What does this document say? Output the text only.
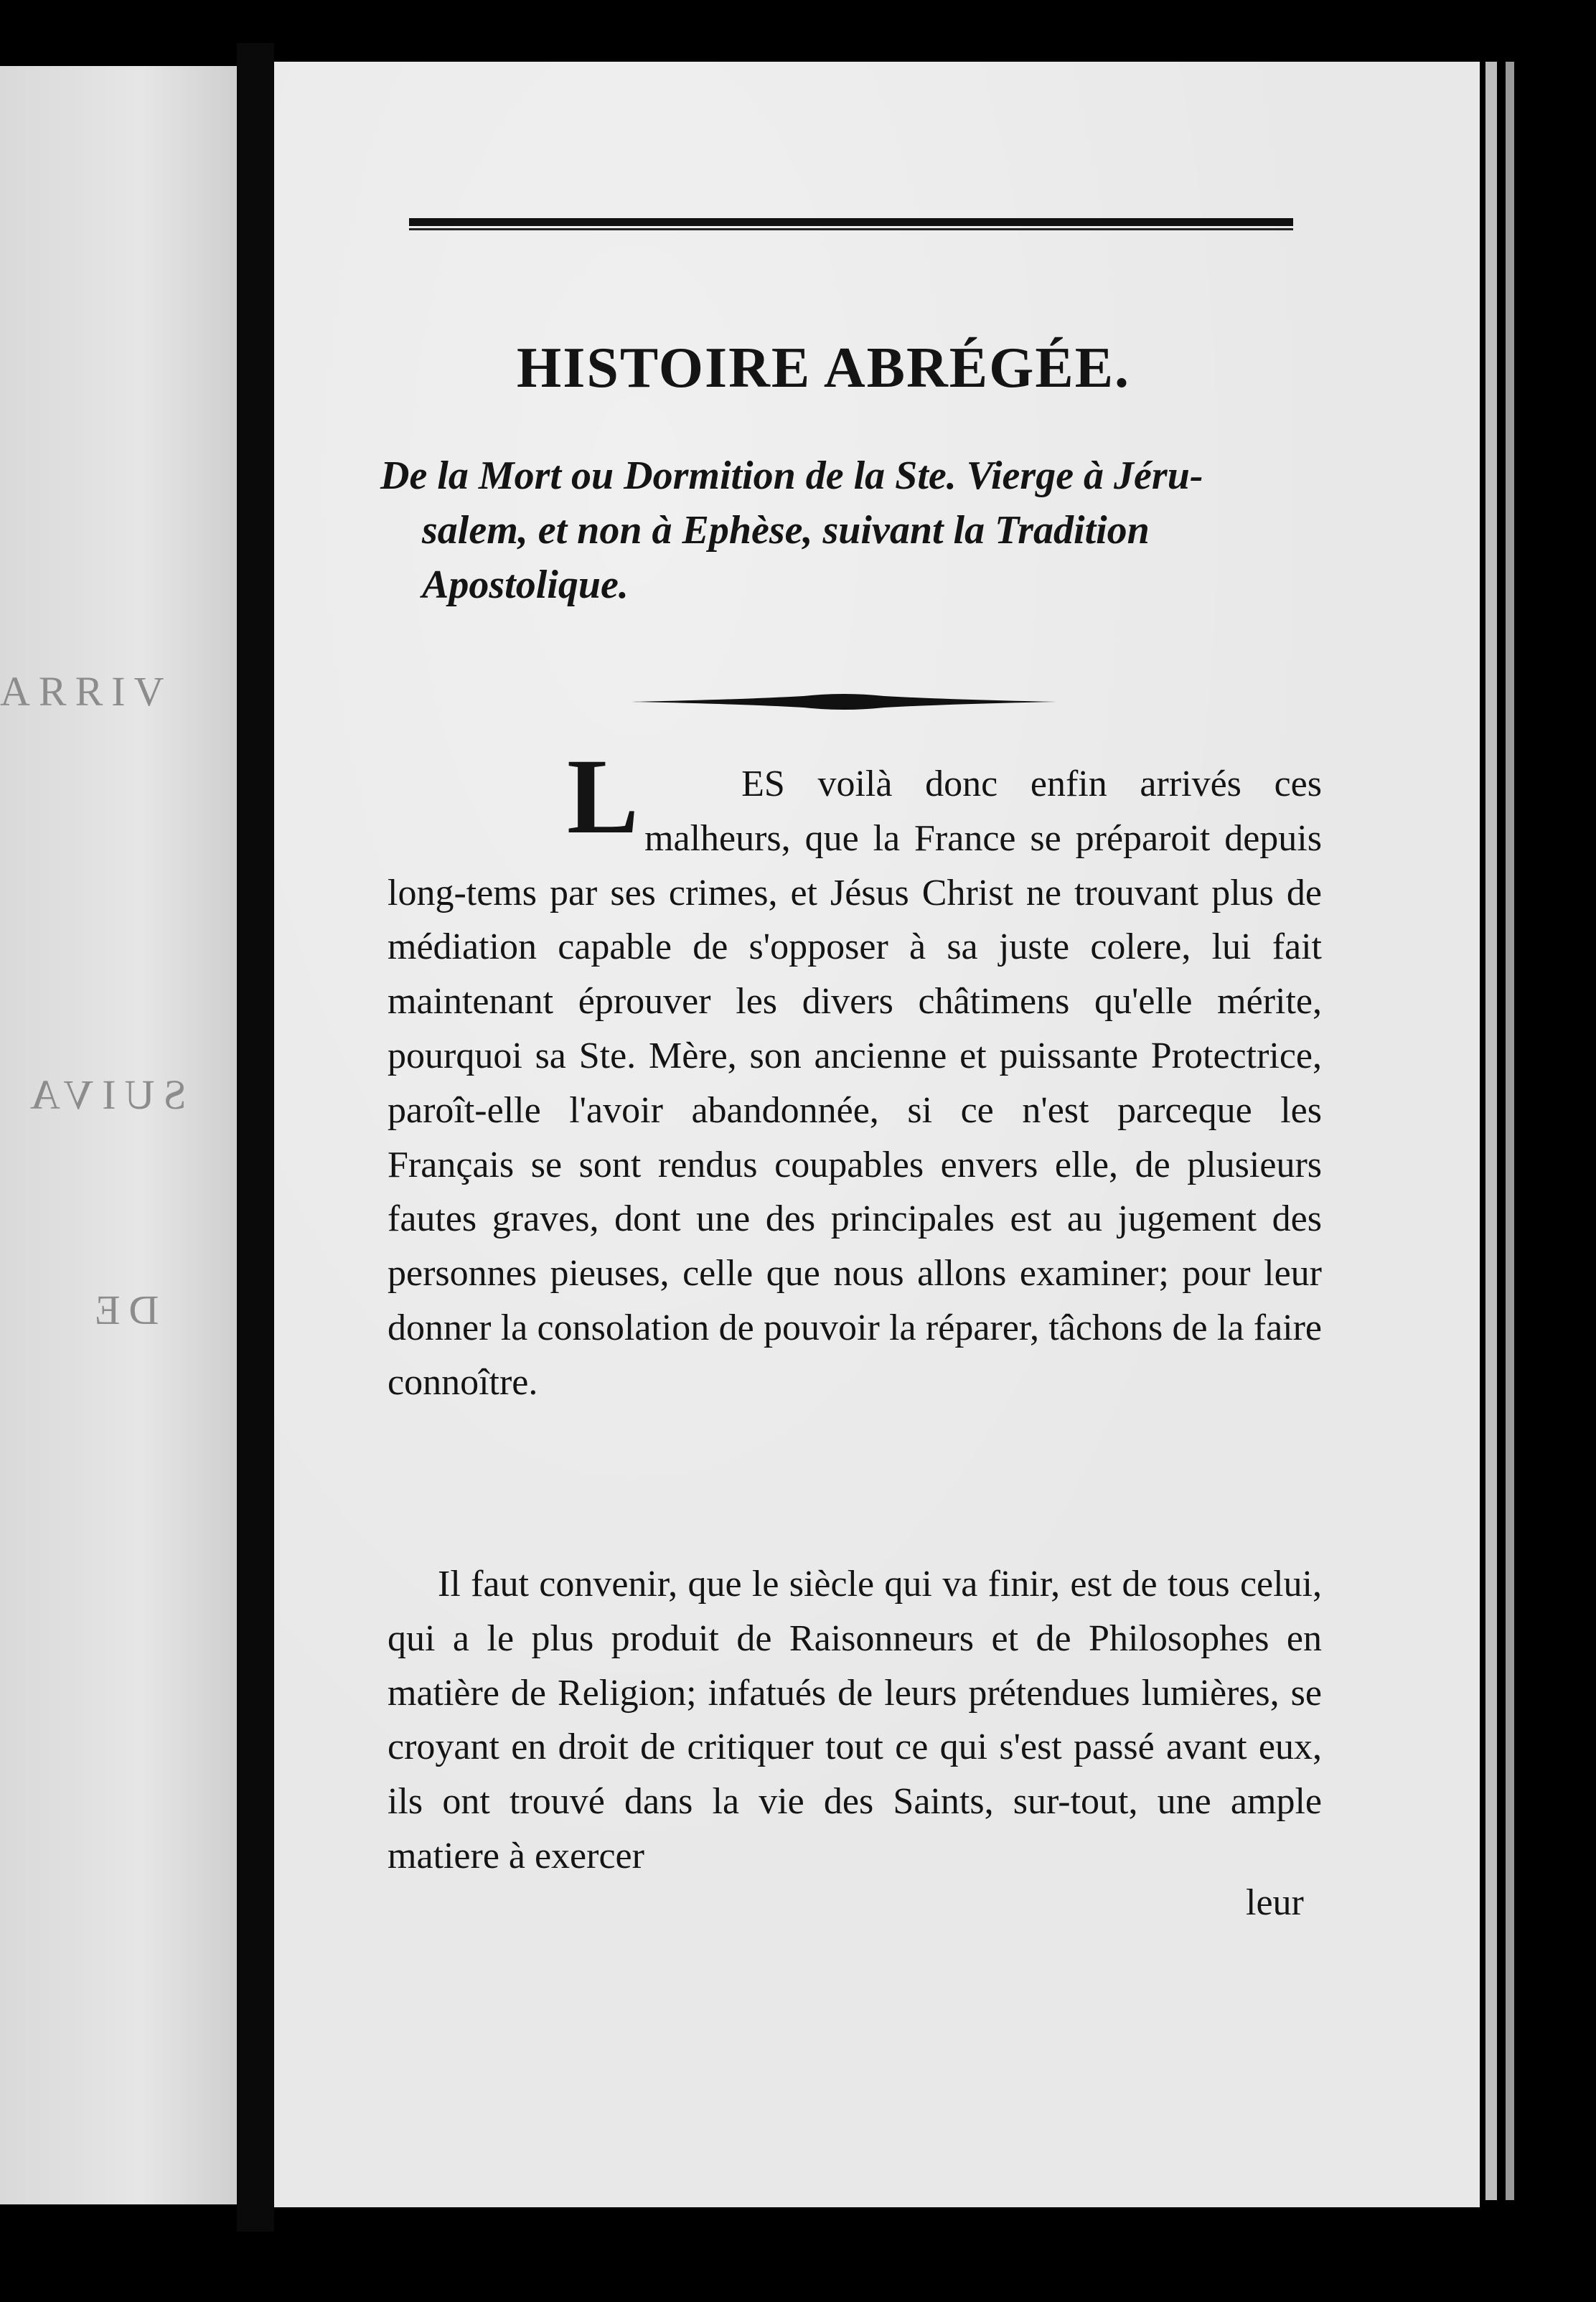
ARRIV
SUIVA
DE
HISTOIRE ABRÉGÉE.

De la Mort ou Dormition de la Ste. Vierge à Jéru-
salem, et non à Ephèse, suivant la Tradition
Apostolique.

L	ES voilà donc enfin arrivés ces malheurs, que la France se préparoit depuis long-tems par ses crimes, et Jésus Christ ne trouvant plus de médiation capable de s'opposer à sa juste colere, lui fait maintenant éprouver les divers châtimens qu'elle mérite, pourquoi sa Ste. Mère, son ancienne et puissante Protectrice, paroît-elle l'avoir abandonnée, si ce n'est parceque les Français se sont rendus coupables envers elle, de plusieurs fautes graves, dont une des principales est au jugement des personnes pieuses, celle que nous allons examiner; pour leur donner la consolation de pouvoir la réparer, tâchons de la faire connoître.

Il faut convenir, que le siècle qui va finir, est de tous celui, qui a le plus produit de Raisonneurs et de Philosophes en matière de Religion; infatués de leurs prétendues lumières, se croyant en droit de critiquer tout ce qui s'est passé avant eux, ils ont trouvé dans la vie des Saints, sur-tout, une ample matiere à exercer

leur
